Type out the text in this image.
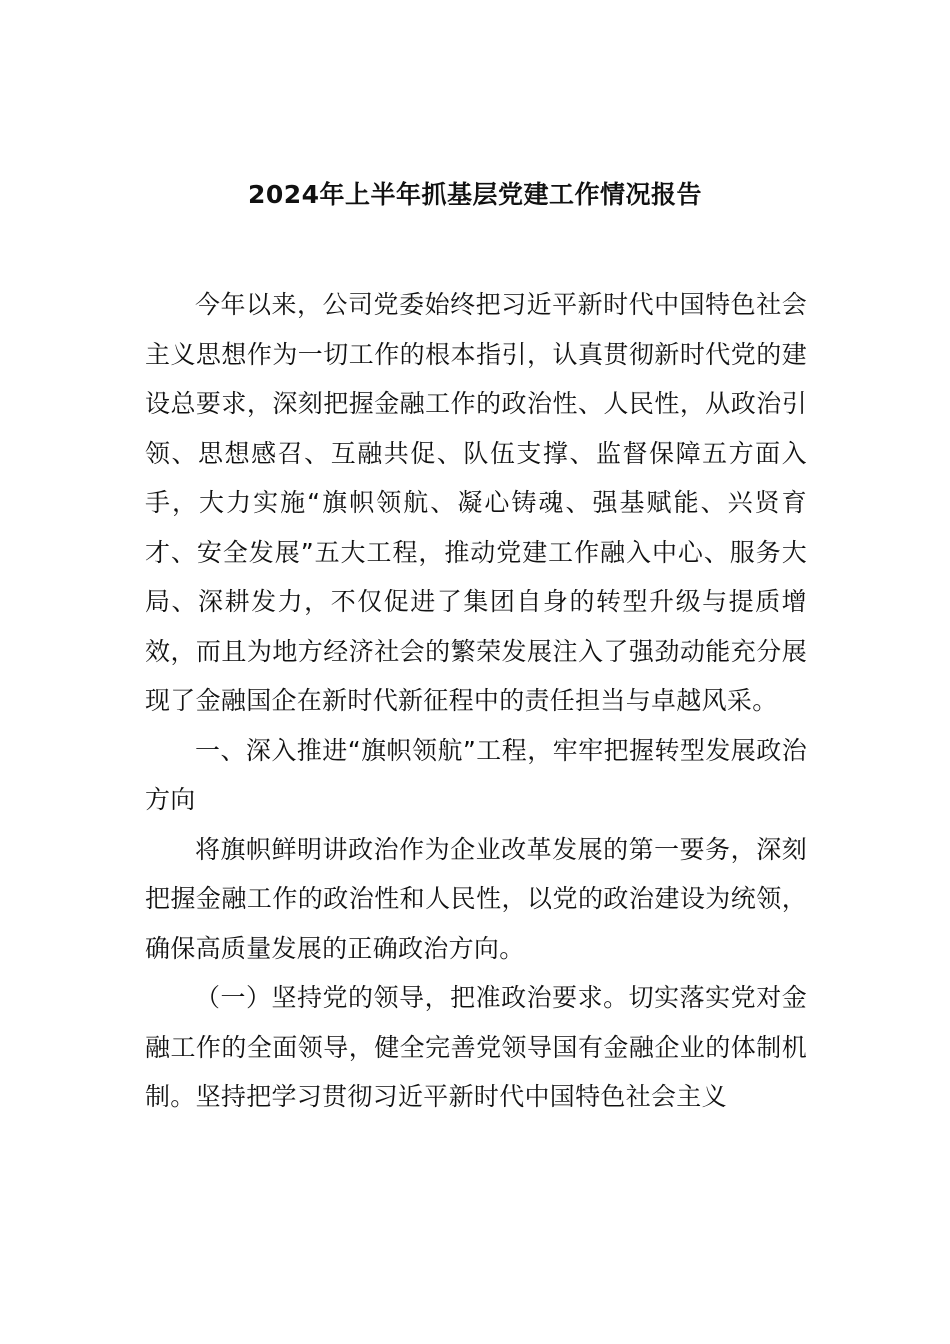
2024年上半年抓基层党建工作情况报告

今年以来，公司党委始终把习近平新时代中国特色社会主义思想作为一切工作的根本指引，认真贯彻新时代党的建设总要求，深刻把握金融工作的政治性、人民性，从政治引领、思想感召、互融共促、队伍支撑、监督保障五方面入手，大力实施“旗帜领航、凝心铸魂、强基赋能、兴贤育才、安全发展”五大工程，推动党建工作融入中心、服务大局、深耕发力，不仅促进了集团自身的转型升级与提质增效，而且为地方经济社会的繁荣发展注入了强劲动能充分展现了金融国企在新时代新征程中的责任担当与卓越风采。

一、深入推进“旗帜领航”工程，牢牢把握转型发展政治方向

将旗帜鲜明讲政治作为企业改革发展的第一要务，深刻把握金融工作的政治性和人民性，以党的政治建设为统领，确保高质量发展的正确政治方向。

（一）坚持党的领导，把准政治要求。切实落实党对金融工作的全面领导，健全完善党领导国有金融企业的体制机制。坚持把学习贯彻习近平新时代中国特色社会主义
